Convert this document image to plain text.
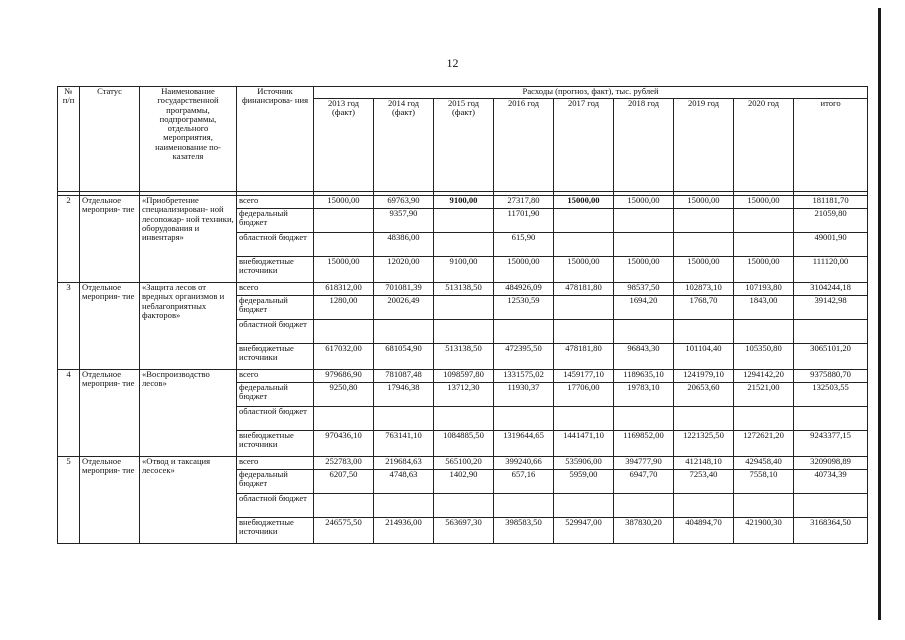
12
№ п/п	Статус	Наименование государственной программы, подпрограммы, отдельного мероприятия, наименование по- казателя	Источник финансирова- ния	Расходы (прогноз, факт), тыс. рублей								
				2013 год (факт)	2014 год (факт)	2015 год (факт)	2016 год	2017 год	2018 год	2019 год	2020 год	итого

2	Отдельное мероприя- тие	«Приобретение специализирован- ной лесопожар- ной техники, оборудования и инвентаря»	всего	15000,00	69763,90	9100,00	27317,80	15000,00	15000,00	15000,00	15000,00	181181,70
			федеральный бюджет		9357,90		11701,90					21059,80
			областной бюджет		48386,00		615,90					49001,90
			внебюджетные источники	15000,00	12020,00	9100,00	15000,00	15000,00	15000,00	15000,00	15000,00	111120,00
3	Отдельное мероприя- тие	«Защита лесов от вредных организмов и неблагоприятных факторов»	всего	618312,00	701081,39	513138,50	484926,09	478181,80	98537,50	102873,10	107193,80	3104244,18
			федеральный бюджет	1280,00	20026,49		12530,59		1694,20	1768,70	1843,00	39142,98
			областной бюджет									
			внебюджетные источники	617032,00	681054,90	513138,50	472395,50	478181,80	96843,30	101104,40	105350,80	3065101,20
4	Отдельное мероприя- тие	«Воспроизводство лесов»	всего	979686,90	781087,48	1098597,80	1331575,02	1459177,10	1189635,10	1241979,10	1294142,20	9375880,70
			федеральный бюджет	9250,80	17946,38	13712,30	11930,37	17706,00	19783,10	20653,60	21521,00	132503,55
			областной бюджет									
			внебюджетные источники	970436,10	763141,10	1084885,50	1319644,65	1441471,10	1169852,00	1221325,50	1272621,20	9243377,15
5	Отдельное мероприя- тие	«Отвод и таксация лесосек»	всего	252783,00	219684,63	565100,20	399240,66	535906,00	394777,90	412148,10	429458,40	3209098,89
			федеральный бюджет	6207,50	4748,63	1402,90	657,16	5959,00	6947,70	7253,40	7558,10	40734,39
			областной бюджет									
			внебюджетные источники	246575,50	214936,00	563697,30	398583,50	529947,00	387830,20	404894,70	421900,30	3168364,50
